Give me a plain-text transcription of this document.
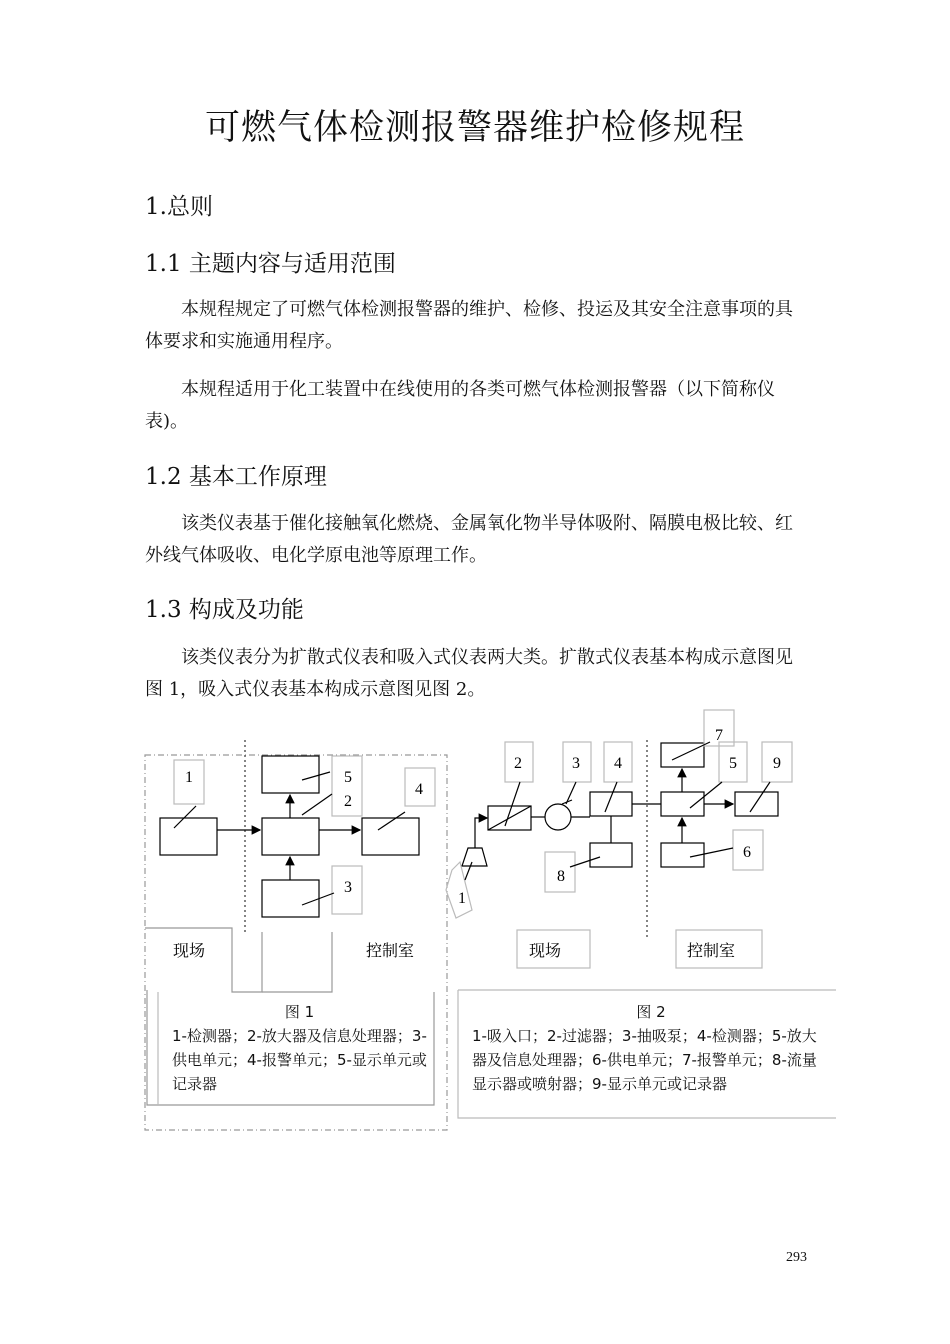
可燃气体检测报警器维护检修规程
1.总则
1.1 主题内容与适用范围
本规程规定了可燃气体检测报警器的维护、检修、投运及其安全注意事项的具体要求和实施通用程序。
本规程适用于化工装置中在线使用的各类可燃气体检测报警器（以下简称仪表)。
1.2 基本工作原理
该类仪表基于催化接触氧化燃烧、金属氧化物半导体吸附、隔膜电极比较、红外线气体吸收、电化学原电池等原理工作。
1.3 构成及功能
该类仪表分为扩散式仪表和吸入式仪表两大类。扩散式仪表基本构成示意图见图 1，吸入式仪表基本构成示意图见图 2。
1	5
2
4
3
现场	控制室
7
2	3 4	5 9
6
8
1
现场	控制室
图 1
1-检测器；2-放大器及信息处理器；3-供电单元；4-报警单元；5-显示单元或记录器
图 2
1-吸入口；2-过滤器；3-抽吸泵；4-检测器；5-放大器及信息处理器；6-供电单元；7-报警单元；8-流量显示器或喷射器；9-显示单元或记录器
293
